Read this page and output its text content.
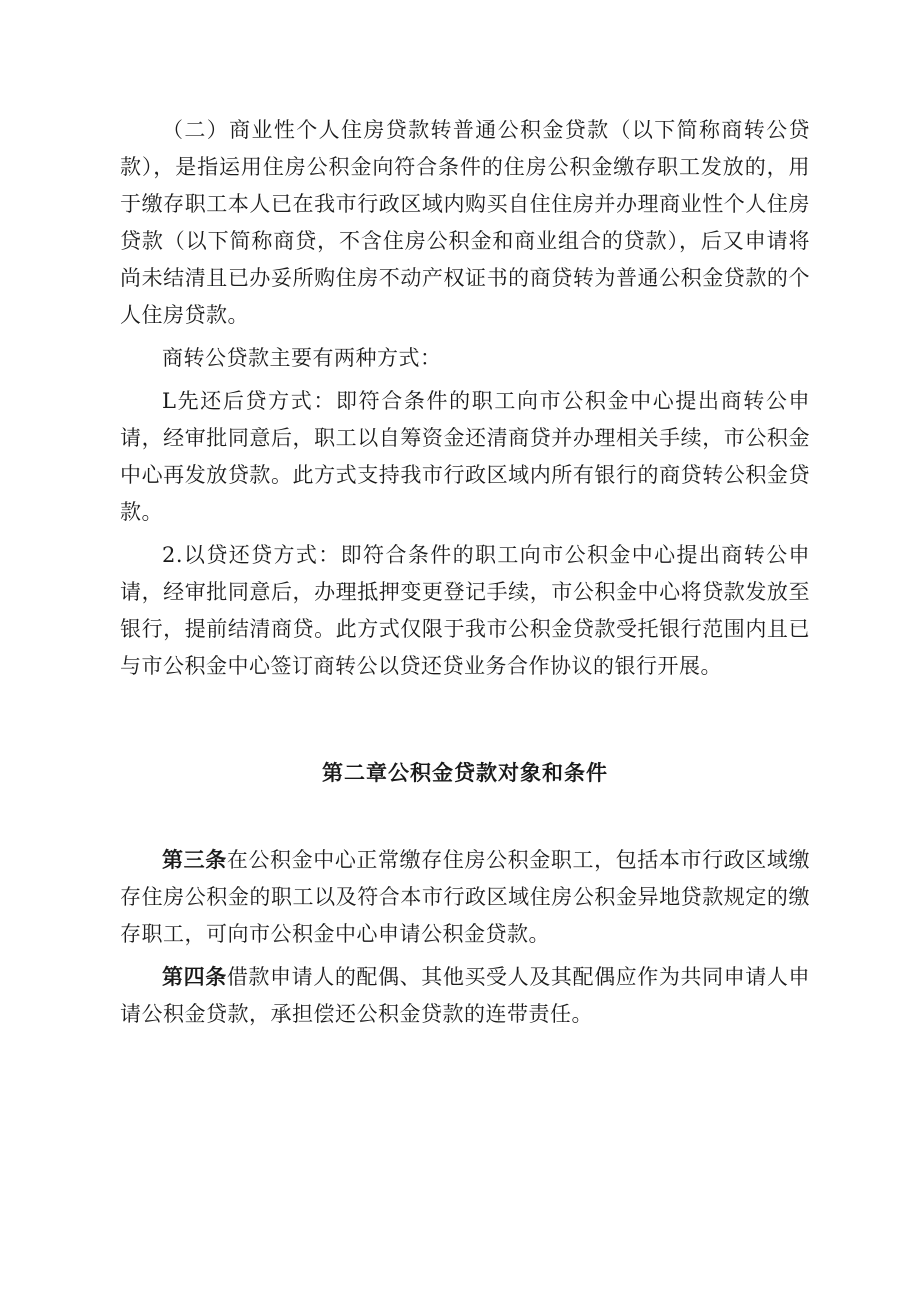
（二）商业性个人住房贷款转普通公积金贷款（以下简称商转公贷款），是指运用住房公积金向符合条件的住房公积金缴存职工发放的，用于缴存职工本人已在我市行政区域内购买自住住房并办理商业性个人住房贷款（以下简称商贷，不含住房公积金和商业组合的贷款），后又申请将尚未结清且已办妥所购住房不动产权证书的商贷转为普通公积金贷款的个人住房贷款。

商转公贷款主要有两种方式：

L先还后贷方式：即符合条件的职工向市公积金中心提出商转公申请，经审批同意后，职工以自筹资金还清商贷并办理相关手续，市公积金中心再发放贷款。此方式支持我市行政区域内所有银行的商贷转公积金贷款。

2.以贷还贷方式：即符合条件的职工向市公积金中心提出商转公申请，经审批同意后，办理抵押变更登记手续，市公积金中心将贷款发放至银行，提前结清商贷。此方式仅限于我市公积金贷款受托银行范围内且已与市公积金中心签订商转公以贷还贷业务合作协议的银行开展。

第二章公积金贷款对象和条件

第三条在公积金中心正常缴存住房公积金职工，包括本市行政区域缴存住房公积金的职工以及符合本市行政区域住房公积金异地贷款规定的缴存职工，可向市公积金中心申请公积金贷款。

第四条借款申请人的配偶、其他买受人及其配偶应作为共同申请人申请公积金贷款，承担偿还公积金贷款的连带责任。
